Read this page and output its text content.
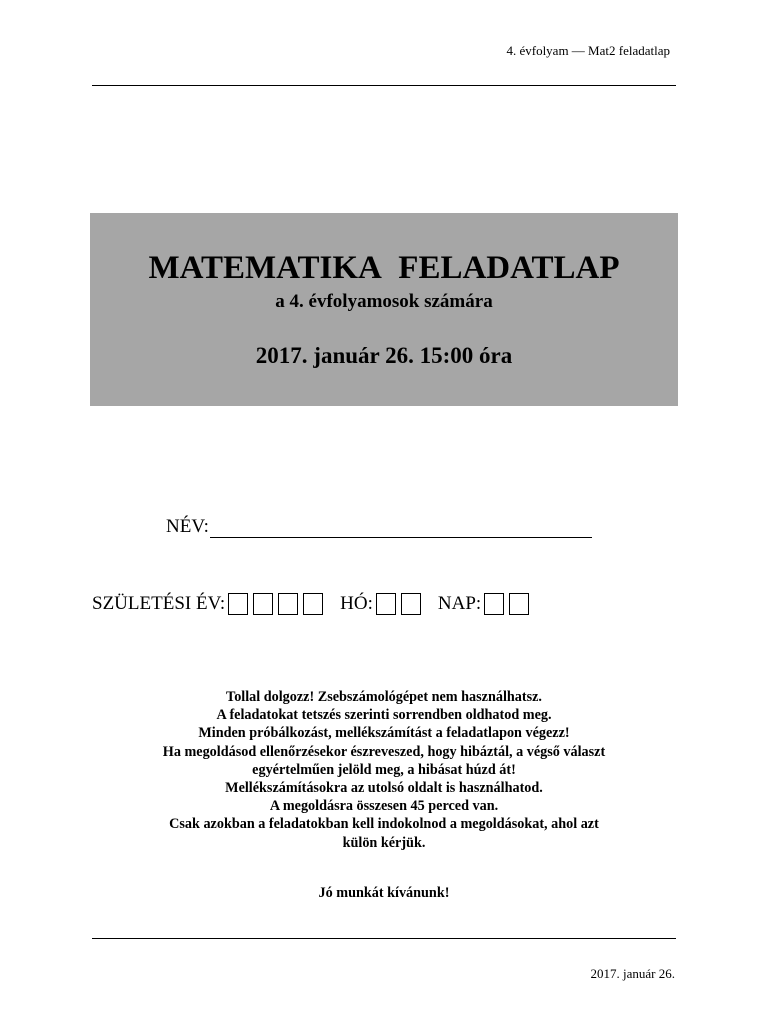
4. évfolyam — Mat2 feladatlap
MATEMATIKA FELADATLAP
a 4. évfolyamosok számára
2017. január 26. 15:00 óra
NÉV:
SZÜLETÉSI ÉV:	HÓ:	NAP:
Tollal dolgozz! Zsebszámológépet nem használhatsz.
A feladatokat tetszés szerinti sorrendben oldhatod meg.
Minden próbálkozást, mellékszámítást a feladatlapon végezz!
Ha megoldásod ellenőrzésekor észreveszed, hogy hibáztál, a végső választ
egyértelműen jelöld meg, a hibásat húzd át!
Mellékszámításokra az utolsó oldalt is használhatod.
A megoldásra összesen 45 perced van.
Csak azokban a feladatokban kell indokolnod a megoldásokat, ahol azt
külön kérjük.
Jó munkát kívánunk!
2017. január 26.
